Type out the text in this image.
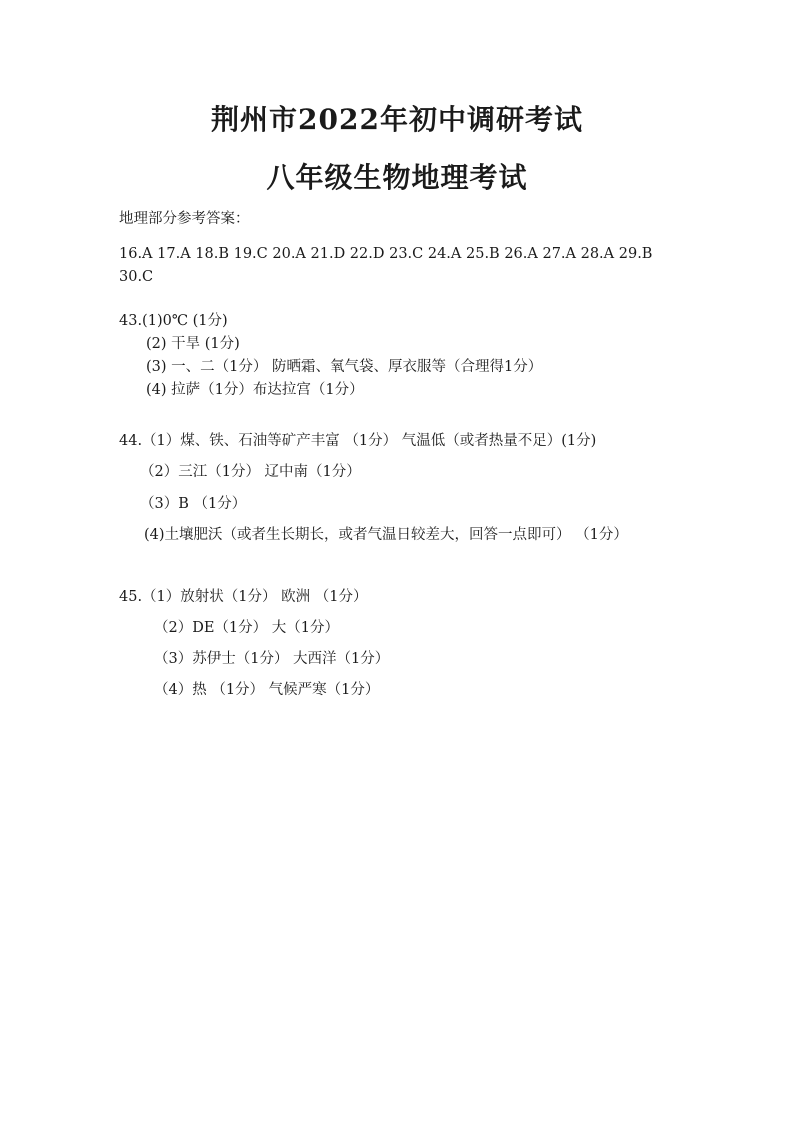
荆州市2022年初中调研考试
八年级生物地理考试
地理部分参考答案：
16.A 17.A 18.B 19.C 20.A 21.D 22.D 23.C 24.A 25.B 26.A 27.A 28.A 29.B
30.C
43.(1)0℃ (1分)
(2) 干旱 (1分)
(3) 一、二（1分） 防晒霜、氧气袋、厚衣服等（合理得1分）
(4) 拉萨（1分）布达拉宫（1分）
44.（1）煤、铁、石油等矿产丰富 （1分） 气温低（或者热量不足）(1分)
（2）三江（1分） 辽中南（1分）
（3）B （1分）
(4)土壤肥沃（或者生长期长，或者气温日较差大，回答一点即可） （1分）
45.（1）放射状（1分） 欧洲 （1分）
（2）DE（1分） 大（1分）
（3）苏伊士（1分） 大西洋（1分）
（4）热 （1分） 气候严寒（1分）
